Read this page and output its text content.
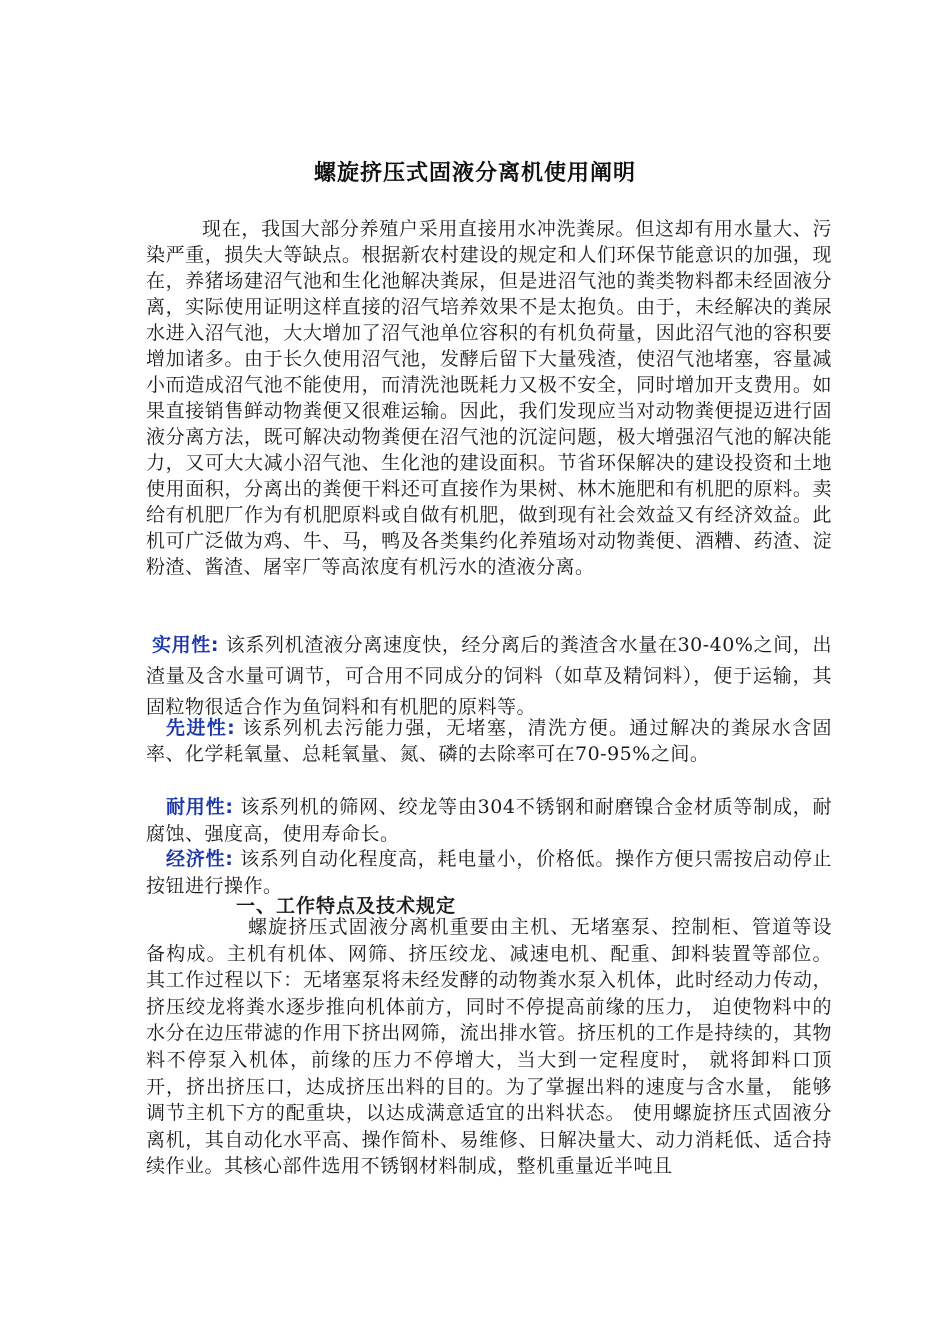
螺旋挤压式固液分离机使用阐明

现在，我国大部分养殖户采用直接用水冲洗粪尿。但这却有用水量大、污染严重，损失大等缺点。根据新农村建设的规定和人们环保节能意识的加强，现在，养猪场建沼气池和生化池解决粪尿，但是进沼气池的粪类物料都未经固液分离，实际使用证明这样直接的沼气培养效果不是太抱负。由于，未经解决的粪尿水进入沼气池，大大增加了沼气池单位容积的有机负荷量，因此沼气池的容积要增加诸多。由于长久使用沼气池，发酵后留下大量残渣，使沼气池堵塞，容量减小而造成沼气池不能使用，而清洗池既耗力又极不安全，同时增加开支费用。如果直接销售鲜动物粪便又很难运输。因此，我们发现应当对动物粪便提迈进行固液分离方法，既可解决动物粪便在沼气池的沉淀问题，极大增强沼气池的解决能力，又可大大减小沼气池、生化池的建设面积。节省环保解决的建设投资和土地使用面积，分离出的粪便干料还可直接作为果树、林木施肥和有机肥的原料。卖给有机肥厂作为有机肥原料或自做有机肥，做到现有社会效益又有经济效益。此机可广泛做为鸡、牛、马，鸭及各类集约化养殖场对动物粪便、酒糟、药渣、淀粉渣、酱渣、屠宰厂等高浓度有机污水的渣液分离。

实用性: 该系列机渣液分离速度快，经分离后的粪渣含水量在30-40%之间，出渣量及含水量可调节，可合用不同成分的饲料（如草及精饲料），便于运输，其固粒物很适合作为鱼饲料和有机肥的原料等。

先进性: 该系列机去污能力强，无堵塞，清洗方便。通过解决的粪尿水含固率、化学耗氧量、总耗氧量、氮、磷的去除率可在70-95%之间。

耐用性: 该系列机的筛网、绞龙等由304不锈钢和耐磨镍合金材质等制成，耐腐蚀、强度高，使用寿命长。

经济性: 该系列自动化程度高，耗电量小，价格低。操作方便只需按启动停止按钮进行操作。

一、工作特点及技术规定

螺旋挤压式固液分离机重要由主机、无堵塞泵、控制柜、管道等设备构成。主机有机体、网筛、挤压绞龙、减速电机、配重、卸料装置等部位。 其工作过程以下：无堵塞泵将未经发酵的动物粪水泵入机体，此时经动力传动， 挤压绞龙将粪水逐步推向机体前方，同时不停提高前缘的压力， 迫使物料中的水分在边压带滤的作用下挤出网筛，流出排水管。挤压机的工作是持续的，其物料不停泵入机体，前缘的压力不停增大，当大到一定程度时， 就将卸料口顶开，挤出挤压口，达成挤压出料的目的。为了掌握出料的速度与含水量， 能够调节主机下方的配重块，以达成满意适宜的出料状态。 使用螺旋挤压式固液分离机，其自动化水平高、操作简朴、易维修、日解决量大、动力消耗低、适合持续作业。其核心部件选用不锈钢材料制成，整机重量近半吨且
